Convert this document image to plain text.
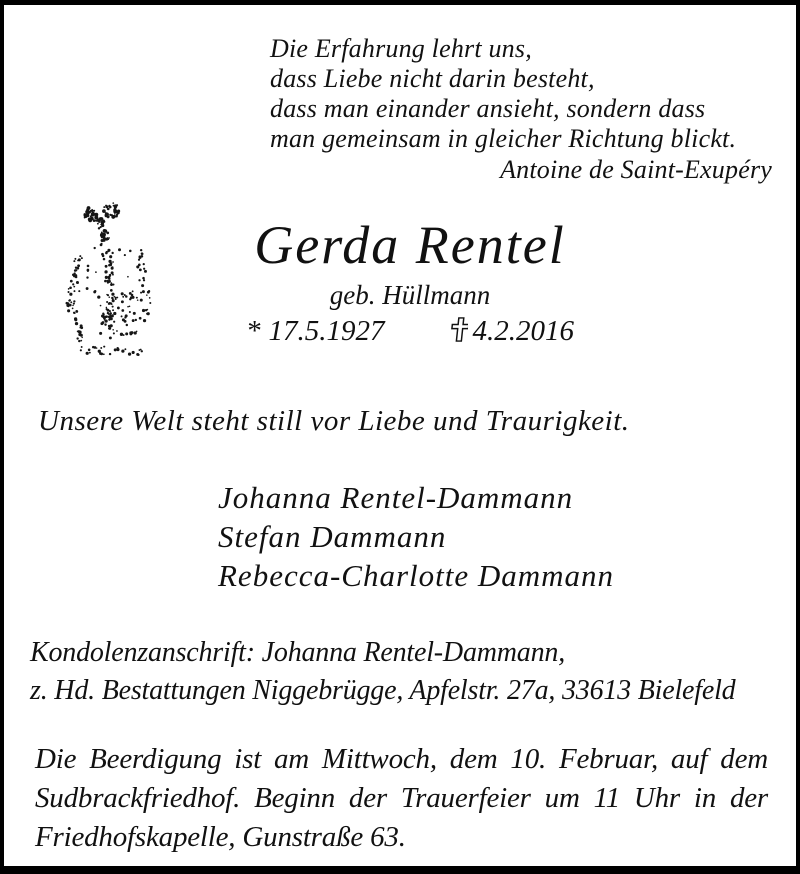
Die Erfahrung lehrt uns,
dass Liebe nicht darin besteht,
dass man einander ansieht, sondern dass
man gemeinsam in gleicher Richtung blickt.
Antoine de Saint-Exupéry
Gerda Rentel
geb. Hüllmann
* 17.5.1927	4.2.2016
Unsere Welt steht still vor Liebe und Traurigkeit.
Johanna Rentel-Dammann
Stefan Dammann
Rebecca-Charlotte Dammann
Kondolenzanschrift: Johanna Rentel-Dammann,
z. Hd. Bestattungen Niggebrügge, Apfelstr. 27a, 33613 Bielefeld
Die Beerdigung ist am Mittwoch, dem 10. Februar, auf dem
Sudbrackfriedhof. Beginn der Trauerfeier um 11 Uhr in der
Friedhofskapelle, Gunstraße 63.
